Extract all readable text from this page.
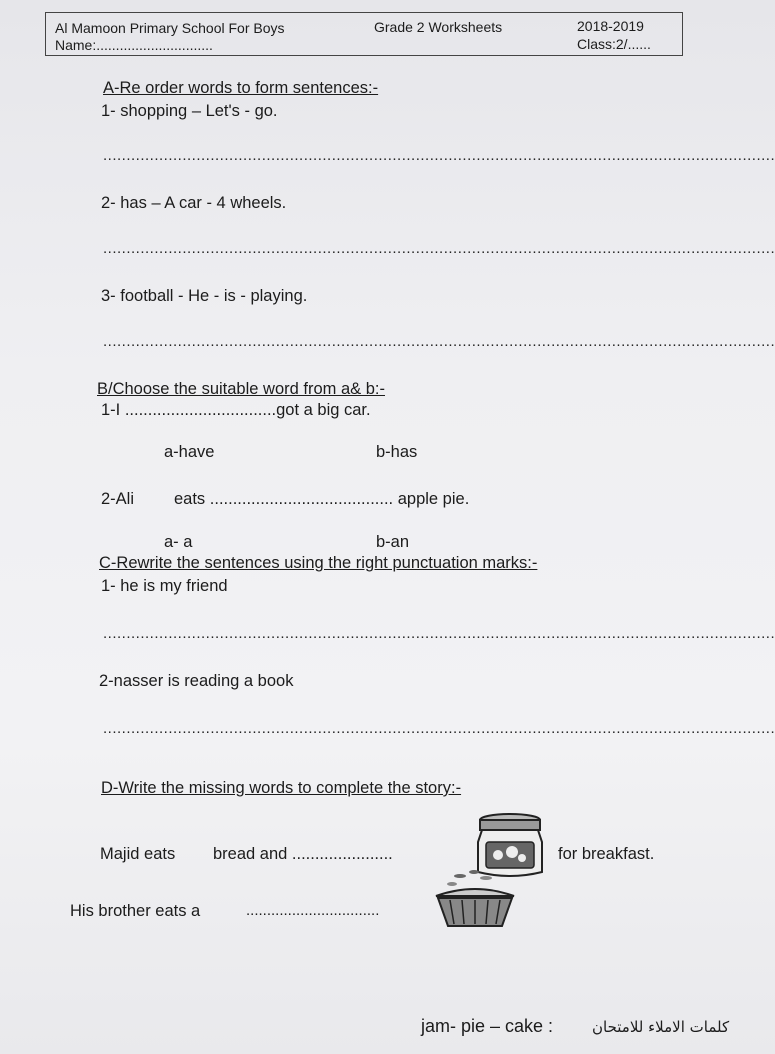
Al Mamoon Primary School For Boys	Grade 2 Worksheets	2018-2019
Name:..............................	Class:2/......
A-Re order words to form sentences:-
1- shopping – Let's - go.
................................................................................................................................................
2- has – A car - 4 wheels.
................................................................................................................................................
3- football - He - is - playing.
................................................................................................................................................
B/Choose the suitable word from a& b:-
1-I .................................got a big car.
a-have	b-has
2-Ali eats ........................................ apple pie.
a- a	b-an
C-Rewrite the sentences using the right punctuation marks:-
1- he is my friend
................................................................................................................................................
2-nasser is reading a book
................................................................................................................................................
D-Write the missing words to complete the story:-
Majid eats bread and ......................	for breakfast.
His brother eats a	................................
jam- pie – cake :	كلمات الاملاء للامتحان
